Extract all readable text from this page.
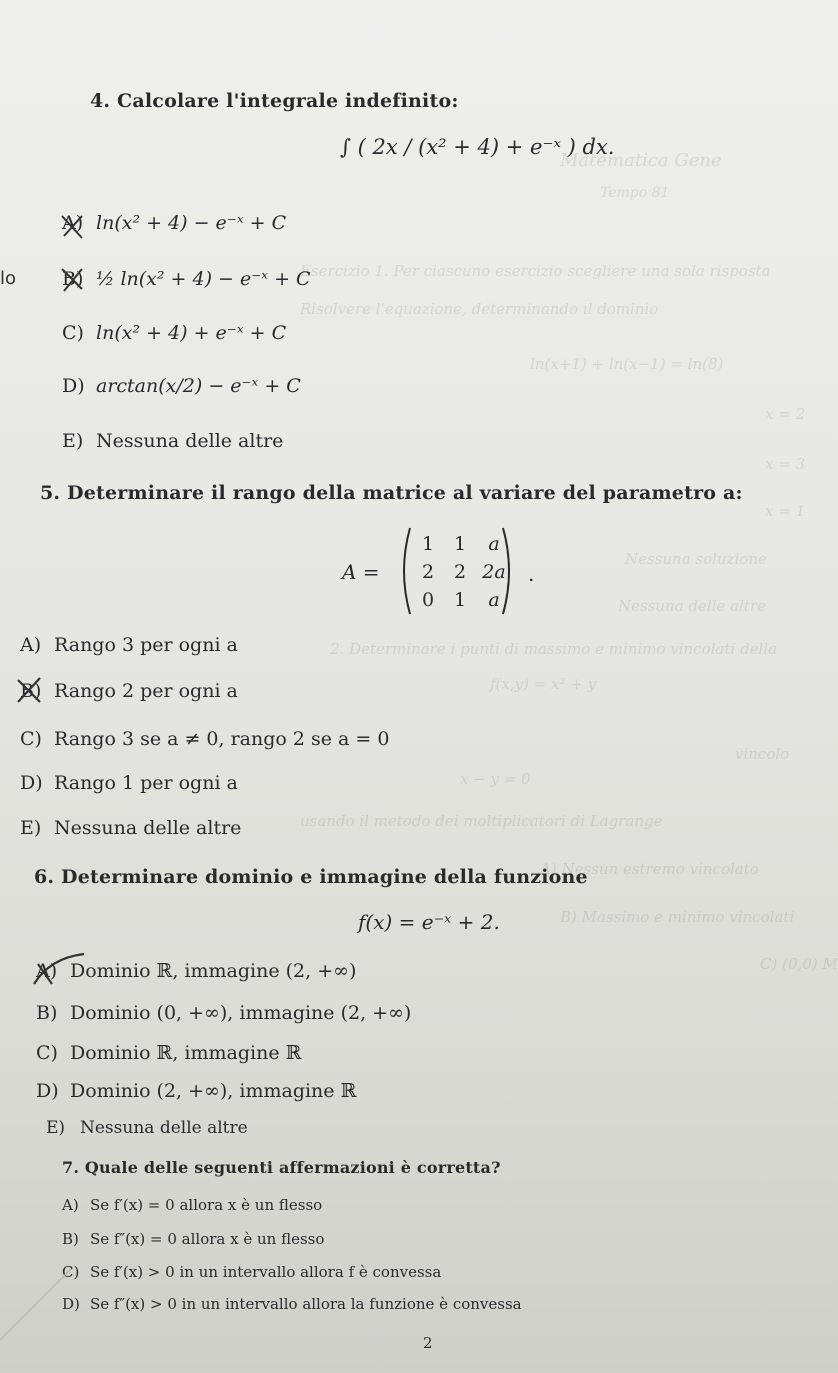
Matematica Gene
Tempo 81
Esercizio 1. Per ciascuno esercizio scegliere una sola risposta
Risolvere l'equazione, determinando il dominio
ln(x+1) + ln(x−1) = ln(8)
x = 2
x = 3
x = 1
Nessuna soluzione
Nessuna delle altre
2. Determinare i punti di massimo e minimo vincolati della
f(x,y) = x² + y
vincolo
x − y = 0
usando il metodo dei moltiplicatori di Lagrange
A) Nessun estremo vincolato
B) Massimo e minimo vincolati
C) (0,0) M
4. Calcolare l'integrale indefinito:
∫ ( 2x / (x² + 4) + e⁻ˣ ) dx.
A) ln(x² + 4) − e⁻ˣ + C
B) ½ ln(x² + 4) − e⁻ˣ + C
C) ln(x² + 4) + e⁻ˣ + C
D) arctan(x/2) − e⁻ˣ + C
E) Nessuna delle altre
lo
5. Determinare il rango della matrice al variare del parametro a:
A =
1	1	a
2	2	2a
0	1	a
.
A) Rango 3 per ogni a
B) Rango 2 per ogni a
C) Rango 3 se a ≠ 0, rango 2 se a = 0
D) Rango 1 per ogni a
E) Nessuna delle altre
6. Determinare dominio e immagine della funzione
f(x) = e⁻ˣ + 2.
A) Dominio ℝ, immagine (2, +∞)
B) Dominio (0, +∞), immagine (2, +∞)
C) Dominio ℝ, immagine ℝ
D) Dominio (2, +∞), immagine ℝ
E) Nessuna delle altre
7. Quale delle seguenti affermazioni è corretta?
A) Se f′(x) = 0 allora x è un flesso
B) Se f″(x) = 0 allora x è un flesso
C) Se f′(x) > 0 in un intervallo allora f è convessa
D) Se f″(x) > 0 in un intervallo allora la funzione è convessa
2
